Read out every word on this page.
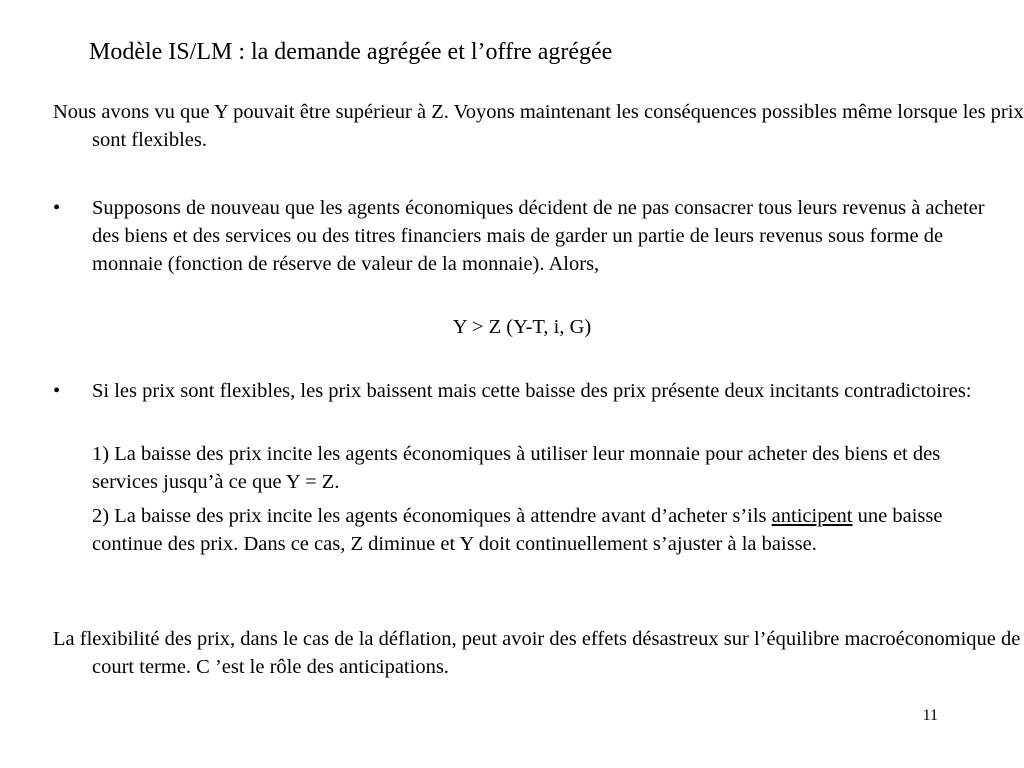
Modèle IS/LM : la demande agrégée et l’offre agrégée
Nous avons vu que Y pouvait être supérieur à Z. Voyons maintenant les conséquences possibles même lorsque les prix sont flexibles.
•	Supposons de nouveau que les agents économiques décident de ne pas consacrer tous leurs revenus à acheter des biens et des services ou des titres financiers mais de garder un partie de leurs revenus sous forme de monnaie (fonction de réserve de valeur de la monnaie). Alors,
Y > Z (Y-T, i, G)
•	Si les prix sont flexibles, les prix baissent mais cette baisse des prix présente deux incitants contradictoires:
1) La baisse des prix incite les agents économiques à utiliser leur monnaie pour acheter des biens et des services jusqu’à ce que Y = Z.
2) La baisse des prix incite les agents économiques à attendre avant d’acheter s’ils anticipent une baisse continue des prix. Dans ce cas, Z diminue et Y doit continuellement s’ajuster à la baisse.
La flexibilité des prix, dans le cas de la déflation, peut avoir des effets désastreux sur l’équilibre macroéconomique de court terme. C ’est le rôle des anticipations.
11
